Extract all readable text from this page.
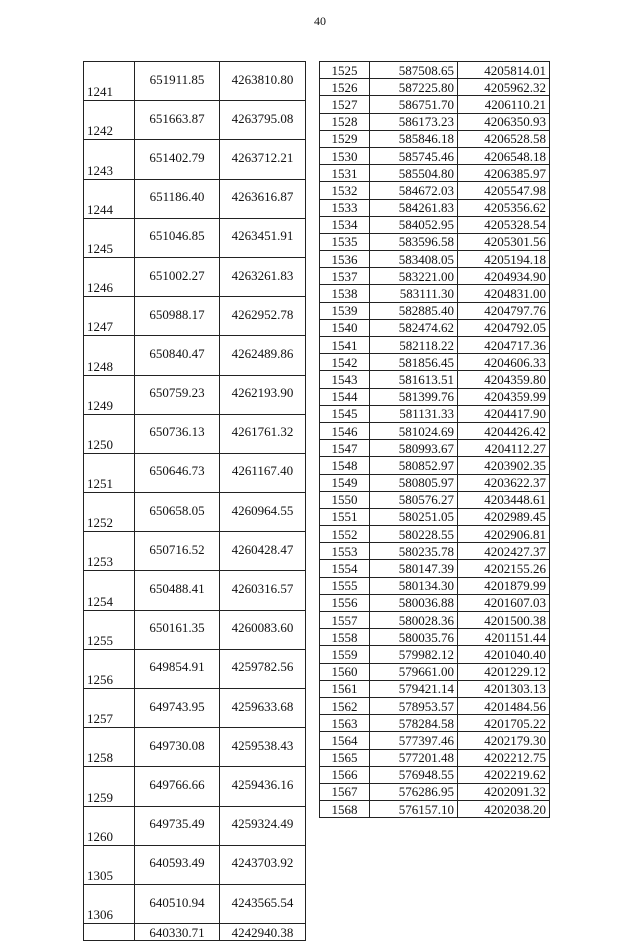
40
1241	651911.85	4263810.80
1242	651663.87	4263795.08
1243	651402.79	4263712.21
1244	651186.40	4263616.87
1245	651046.85	4263451.91
1246	651002.27	4263261.83
1247	650988.17	4262952.78
1248	650840.47	4262489.86
1249	650759.23	4262193.90
1250	650736.13	4261761.32
1251	650646.73	4261167.40
1252	650658.05	4260964.55
1253	650716.52	4260428.47
1254	650488.41	4260316.57
1255	650161.35	4260083.60
1256	649854.91	4259782.56
1257	649743.95	4259633.68
1258	649730.08	4259538.43
1259	649766.66	4259436.16
1260	649735.49	4259324.49
1305	640593.49	4243703.92
1306	640510.94	4243565.54
	640330.71	4242940.38
1525	587508.65	4205814.01
1526	587225.80	4205962.32
1527	586751.70	4206110.21
1528	586173.23	4206350.93
1529	585846.18	4206528.58
1530	585745.46	4206548.18
1531	585504.80	4206385.97
1532	584672.03	4205547.98
1533	584261.83	4205356.62
1534	584052.95	4205328.54
1535	583596.58	4205301.56
1536	583408.05	4205194.18
1537	583221.00	4204934.90
1538	583111.30	4204831.00
1539	582885.40	4204797.76
1540	582474.62	4204792.05
1541	582118.22	4204717.36
1542	581856.45	4204606.33
1543	581613.51	4204359.80
1544	581399.76	4204359.99
1545	581131.33	4204417.90
1546	581024.69	4204426.42
1547	580993.67	4204112.27
1548	580852.97	4203902.35
1549	580805.97	4203622.37
1550	580576.27	4203448.61
1551	580251.05	4202989.45
1552	580228.55	4202906.81
1553	580235.78	4202427.37
1554	580147.39	4202155.26
1555	580134.30	4201879.99
1556	580036.88	4201607.03
1557	580028.36	4201500.38
1558	580035.76	4201151.44
1559	579982.12	4201040.40
1560	579661.00	4201229.12
1561	579421.14	4201303.13
1562	578953.57	4201484.56
1563	578284.58	4201705.22
1564	577397.46	4202179.30
1565	577201.48	4202212.75
1566	576948.55	4202219.62
1567	576286.95	4202091.32
1568	576157.10	4202038.20
